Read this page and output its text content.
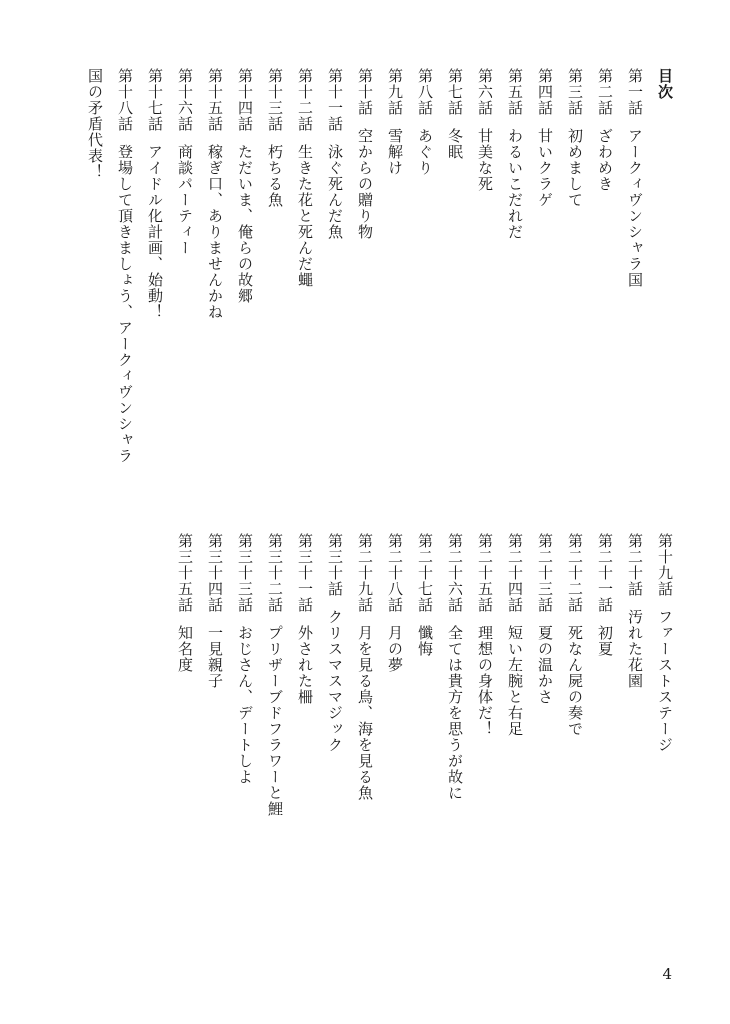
目次
第一話アークィヴンシャラ国
第二話ざわめき
第三話初めまして
第四話甘いクラゲ
第五話わるいこだれだ
第六話甘美な死
第七話冬眠
第八話あぐり
第九話雪解け
第十話空からの贈り物
第十一話泳ぐ死んだ魚
第十二話生きた花と死んだ蠅
第十三話朽ちる魚
第十四話ただいま、俺らの故郷
第十五話稼ぎ口、ありませんかね
第十六話商談パーティー
第十七話アイドル化計画、始動！
第十八話登場して頂きましょう、アークィヴンシャラ
国の矛盾代表！
第十九話ファーストステージ
第二十話汚れた花園
第二十一話初夏
第二十二話死なん屍の奏で
第二十三話夏の温かさ
第二十四話短い左腕と右足
第二十五話理想の身体だ！
第二十六話全ては貴方を思うが故に
第二十七話懺悔
第二十八話月の夢
第二十九話月を見る鳥、海を見る魚
第三十話クリスマスマジック
第三十一話外された柵
第三十二話プリザーブドフラワーと鯉
第三十三話おじさん、デートしよ
第三十四話一見親子
第三十五話知名度
4
